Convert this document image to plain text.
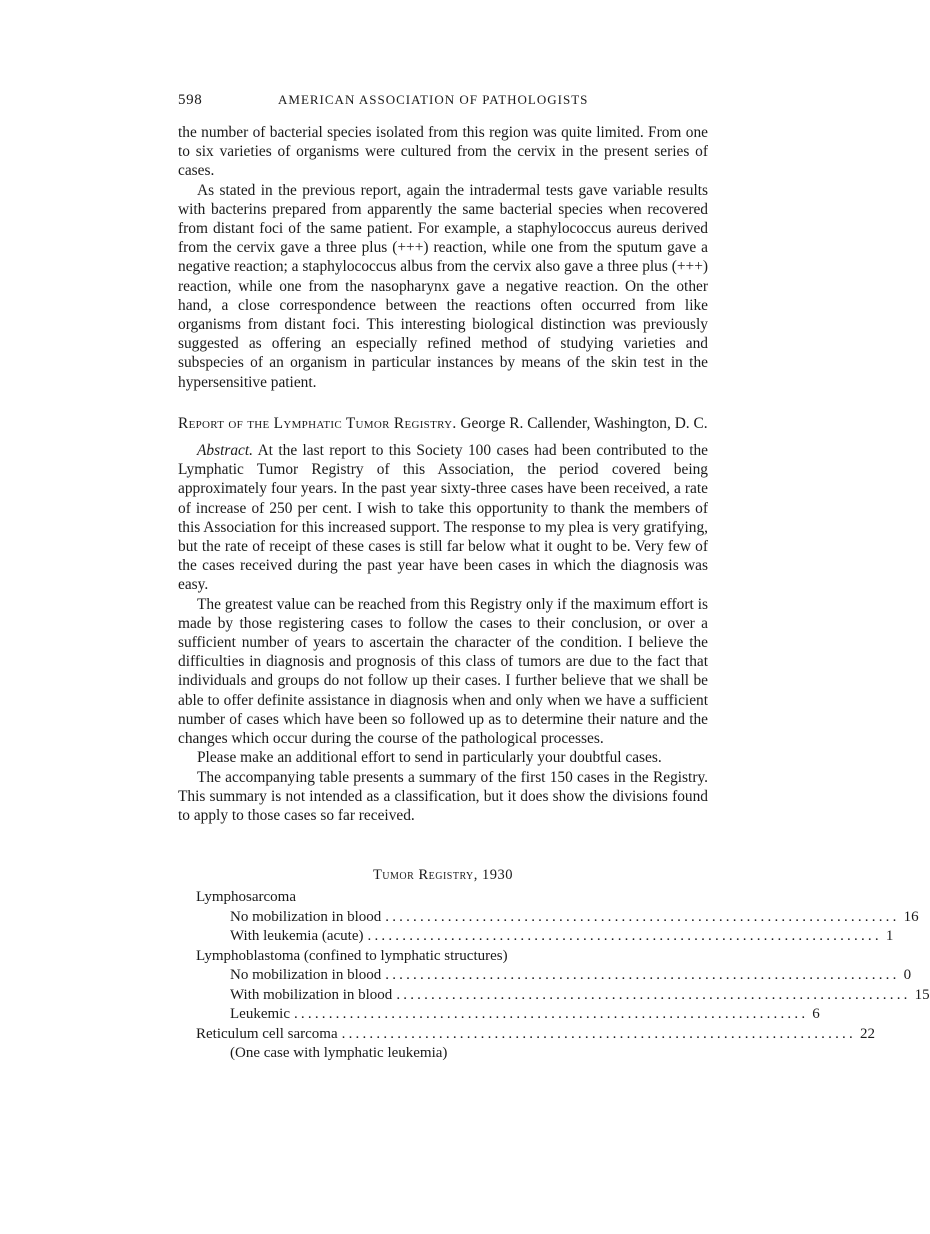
598	AMERICAN ASSOCIATION OF PATHOLOGISTS

the number of bacterial species isolated from this region was quite limited. From one to six varieties of organisms were cultured from the cervix in the present series of cases.

As stated in the previous report, again the intradermal tests gave variable results with bacterins prepared from apparently the same bacterial species when recovered from distant foci of the same patient. For example, a staphylococcus aureus derived from the cervix gave a three plus (+++) reaction, while one from the sputum gave a negative reaction; a staphylococcus albus from the cervix also gave a three plus (+++) reaction, while one from the nasopharynx gave a negative reaction. On the other hand, a close correspondence between the reactions often occurred from like organisms from distant foci. This interesting biological distinction was previously suggested as offering an especially refined method of studying varieties and subspecies of an organism in particular instances by means of the skin test in the hypersensitive patient.

Report of the Lymphatic Tumor Registry. George R. Callender, Washington, D. C.

Abstract. At the last report to this Society 100 cases had been contributed to the Lymphatic Tumor Registry of this Association, the period covered being approximately four years. In the past year sixty-three cases have been received, a rate of increase of 250 per cent. I wish to take this opportunity to thank the members of this Association for this increased support. The response to my plea is very gratifying, but the rate of receipt of these cases is still far below what it ought to be. Very few of the cases received during the past year have been cases in which the diagnosis was easy.

The greatest value can be reached from this Registry only if the maximum effort is made by those registering cases to follow the cases to their conclusion, or over a sufficient number of years to ascertain the character of the condition. I believe the difficulties in diagnosis and prognosis of this class of tumors are due to the fact that individuals and groups do not follow up their cases. I further believe that we shall be able to offer definite assistance in diagnosis when and only when we have a sufficient number of cases which have been so followed up as to determine their nature and the changes which occur during the course of the pathological processes.

Please make an additional effort to send in particularly your doubtful cases.

The accompanying table presents a summary of the first 150 cases in the Registry. This summary is not intended as a classification, but it does show the divisions found to apply to those cases so far received.

Tumor Registry, 1930
Lymphosarcoma
No mobilization in blood .......................................................................... 16
With leukemia (acute) .......................................................................... 1
Lymphoblastoma (confined to lymphatic structures)
No mobilization in blood .......................................................................... 0
With mobilization in blood .......................................................................... 15
Leukemic .......................................................................... 6
Reticulum cell sarcoma .......................................................................... 22
(One case with lymphatic leukemia)
